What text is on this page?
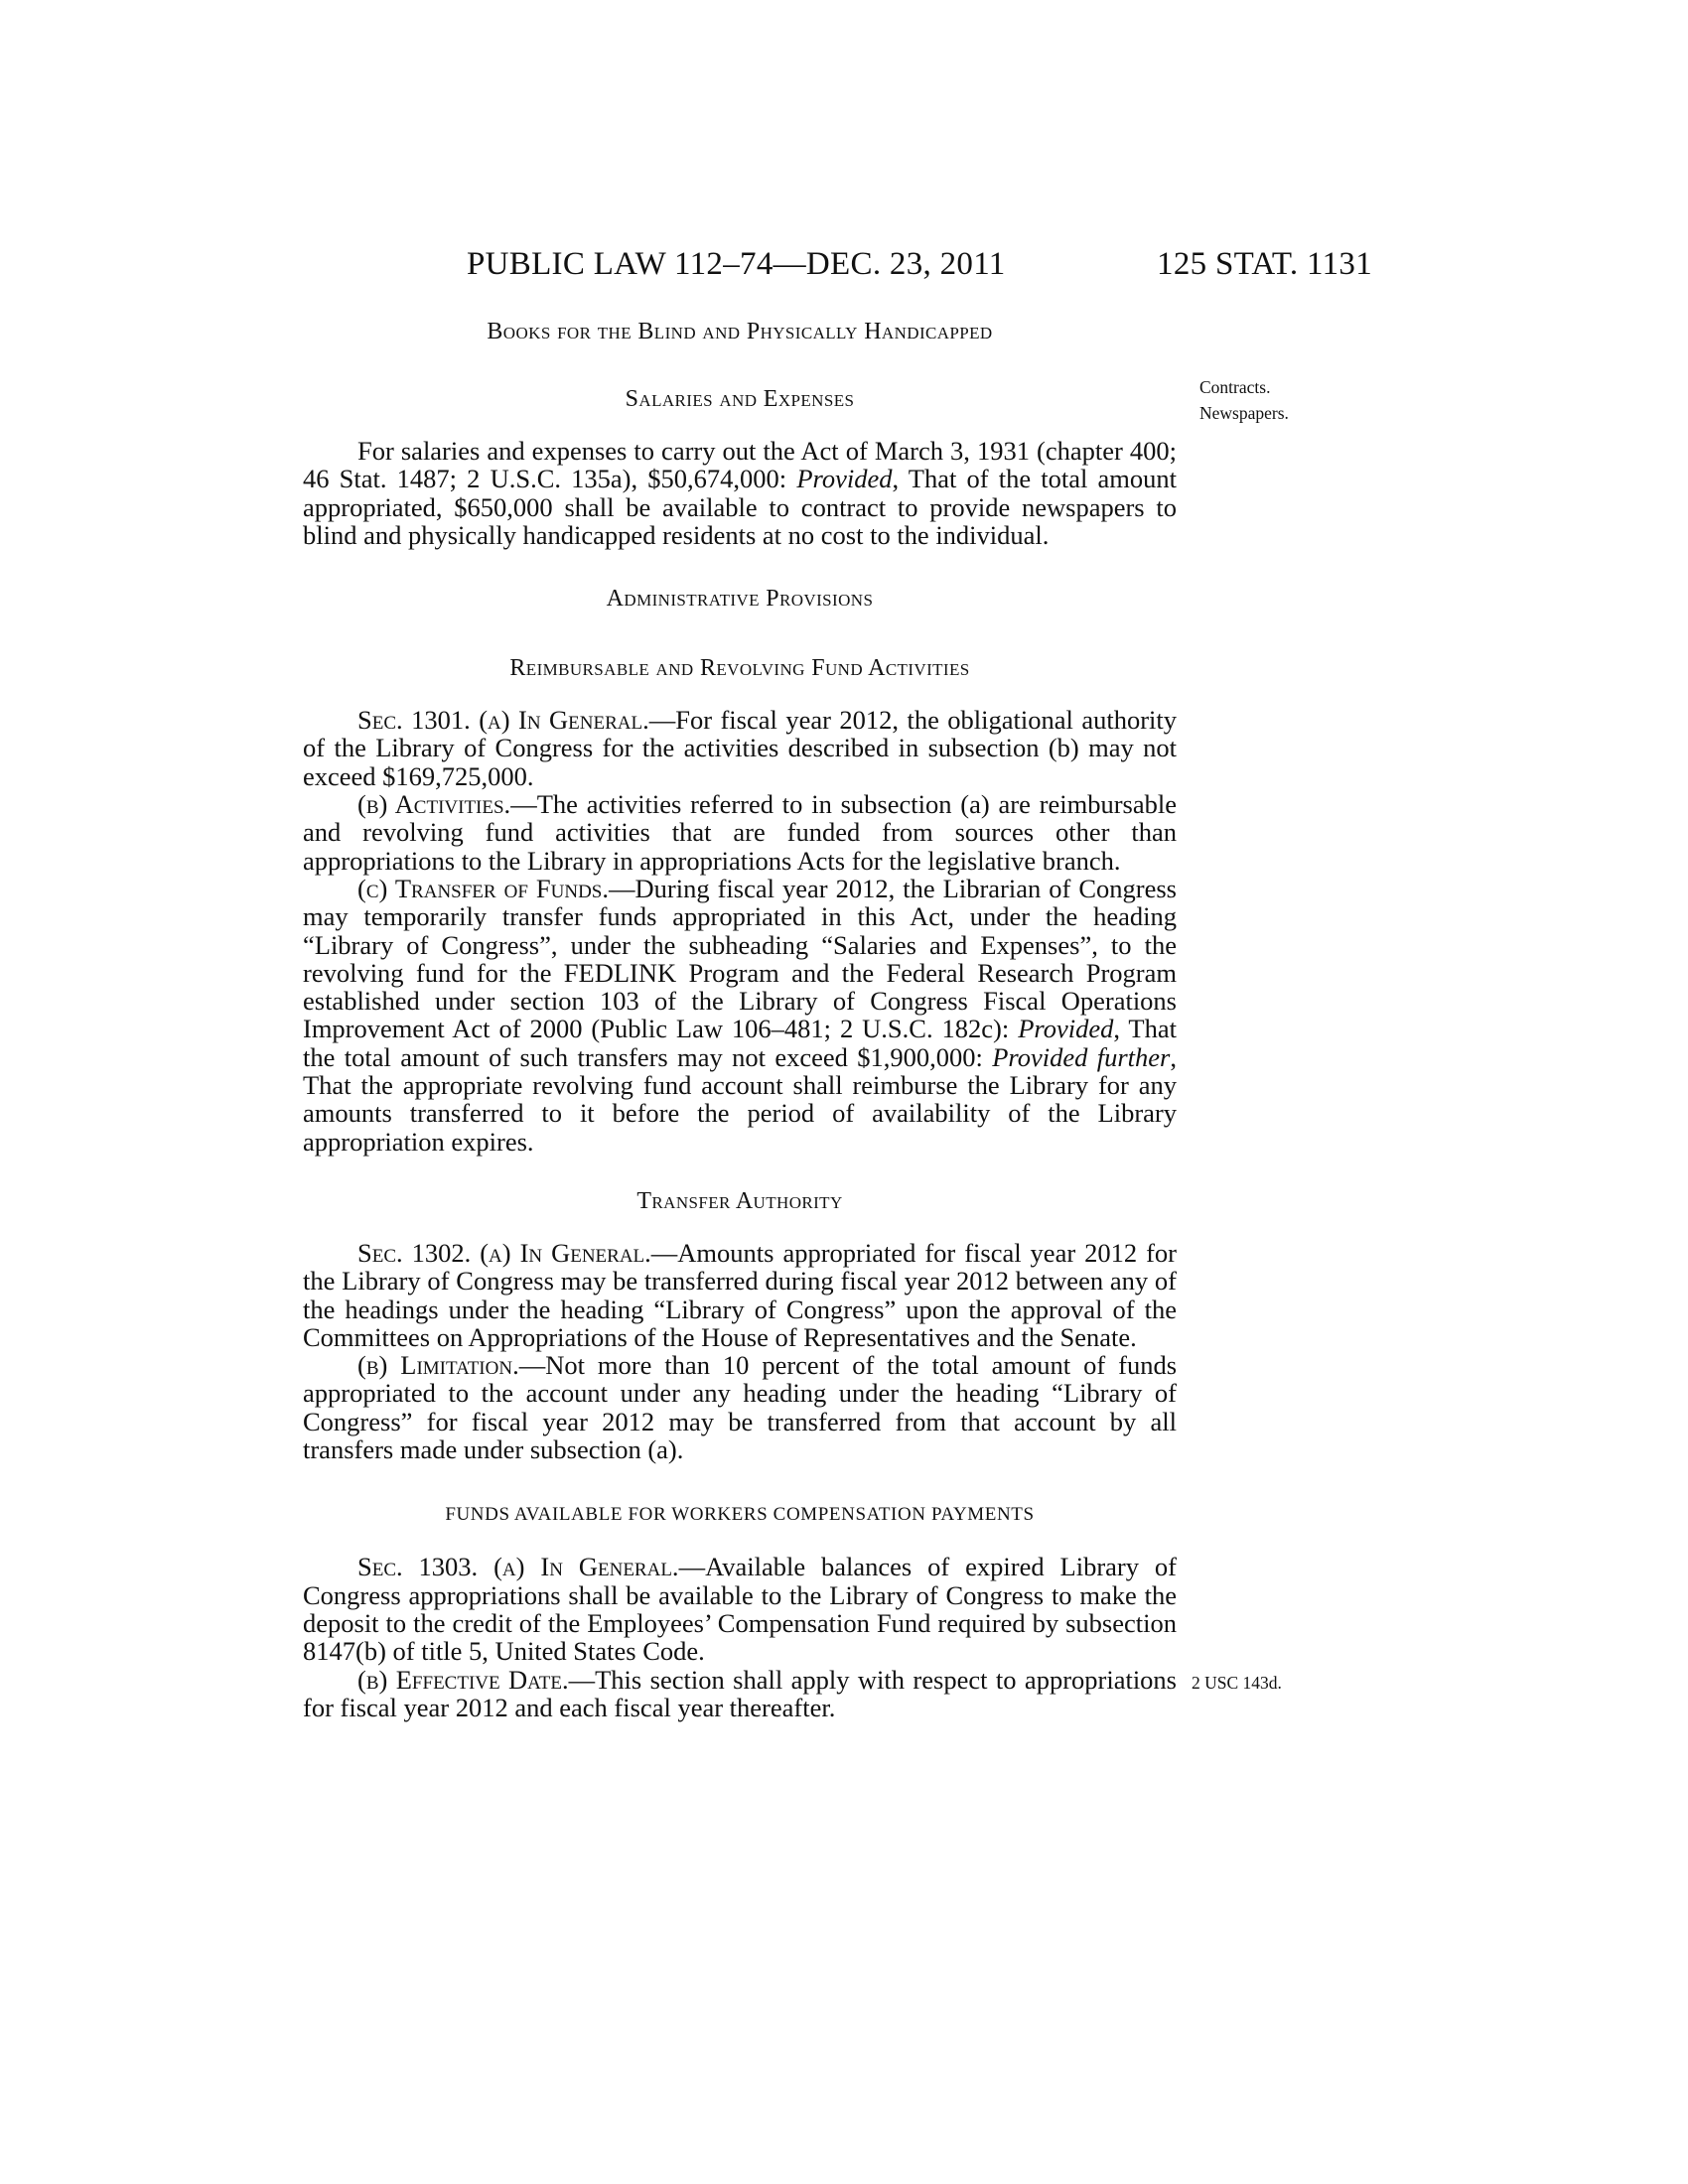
PUBLIC LAW 112–74—DEC. 23, 2011	125 STAT. 1131

Books for the Blind and Physically Handicapped

Salaries and Expenses

For salaries and expenses to carry out the Act of March 3, 1931 (chapter 400; 46 Stat. 1487; 2 U.S.C. 135a), $50,674,000: Provided, That of the total amount appropriated, $650,000 shall be available to contract to provide newspapers to blind and physically handicapped residents at no cost to the individual.

Administrative Provisions

Reimbursable and Revolving Fund Activities

Sec. 1301. (a) In General.—For fiscal year 2012, the obligational authority of the Library of Congress for the activities described in subsection (b) may not exceed $169,725,000.

(b) Activities.—The activities referred to in subsection (a) are reimbursable and revolving fund activities that are funded from sources other than appropriations to the Library in appropriations Acts for the legislative branch.

(c) Transfer of Funds.—During fiscal year 2012, the Librarian of Congress may temporarily transfer funds appropriated in this Act, under the heading “Library of Congress”, under the subheading “Salaries and Expenses”, to the revolving fund for the FEDLINK Program and the Federal Research Program established under section 103 of the Library of Congress Fiscal Operations Improvement Act of 2000 (Public Law 106–481; 2 U.S.C. 182c): Provided, That the total amount of such transfers may not exceed $1,900,000: Provided further, That the appropriate revolving fund account shall reimburse the Library for any amounts transferred to it before the period of availability of the Library appropriation expires.

Transfer Authority

Sec. 1302. (a) In General.—Amounts appropriated for fiscal year 2012 for the Library of Congress may be transferred during fiscal year 2012 between any of the headings under the heading “Library of Congress” upon the approval of the Committees on Appropriations of the House of Representatives and the Senate.

(b) Limitation.—Not more than 10 percent of the total amount of funds appropriated to the account under any heading under the heading “Library of Congress” for fiscal year 2012 may be transferred from that account by all transfers made under subsection (a).

FUNDS AVAILABLE FOR WORKERS COMPENSATION PAYMENTS

Sec. 1303. (a) In General.—Available balances of expired Library of Congress appropriations shall be available to the Library of Congress to make the deposit to the credit of the Employees’ Compensation Fund required by subsection 8147(b) of title 5, United States Code.

(b) Effective Date.—This section shall apply with respect to appropriations for fiscal year 2012 and each fiscal year thereafter.

Contracts.
Newspapers.
2 USC 143d.
